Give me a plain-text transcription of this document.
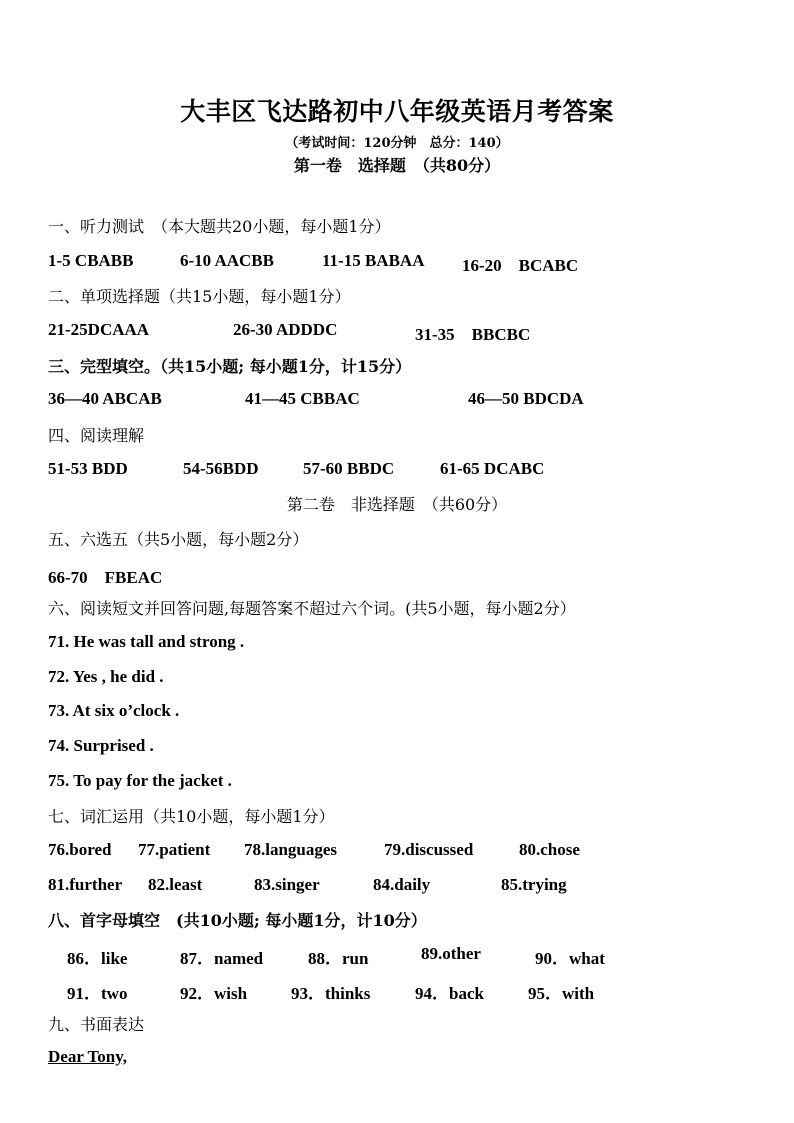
大丰区飞达路初中八年级英语月考答案
（考试时间：120分钟　总分：140）
第一卷　选择题　（共80分）
一、听力测试　（本大题共20小题，每小题1分）
1-5 CBABB	6-10 AACBB	11-15 BABAA 16-20　BCABC
二、单项选择题（共15小题，每小题1分）
21-25DCAAA	26-30 ADDDC	31-35　BBCBC
三、完型填空。（共15小题; 每小题1分，计15分）
36—40 ABCAB	41—45 CBBAC	46—50 BDCDA
四、阅读理解
51-53 BDD	54-56BDD	57-60 BBDC	61-65 DCABC
第二卷　非选择题　（共60分）
五、六选五（共5小题，每小题2分）
66-70　FBEAC
六、阅读短文并回答问题,每题答案不超过六个词。(共5小题，每小题2分）
71. He was tall and strong .
72. Yes , he did .
73. At six o’clock .
74. Surprised .
75. To pay for the jacket .
七、词汇运用（共10小题，每小题1分）
76.bored 77.patient 78.languages	79.discussed	80.chose
81.further 82.least	83.singer	84.daily	85.trying
八、首字母填空　(共10小题; 每小题1分，计10分）
86．like	87．named	88．run	89.other	90．what
91．two	92．wish	93．thinks	94．back	95．with
九、书面表达
Dear Tony,
